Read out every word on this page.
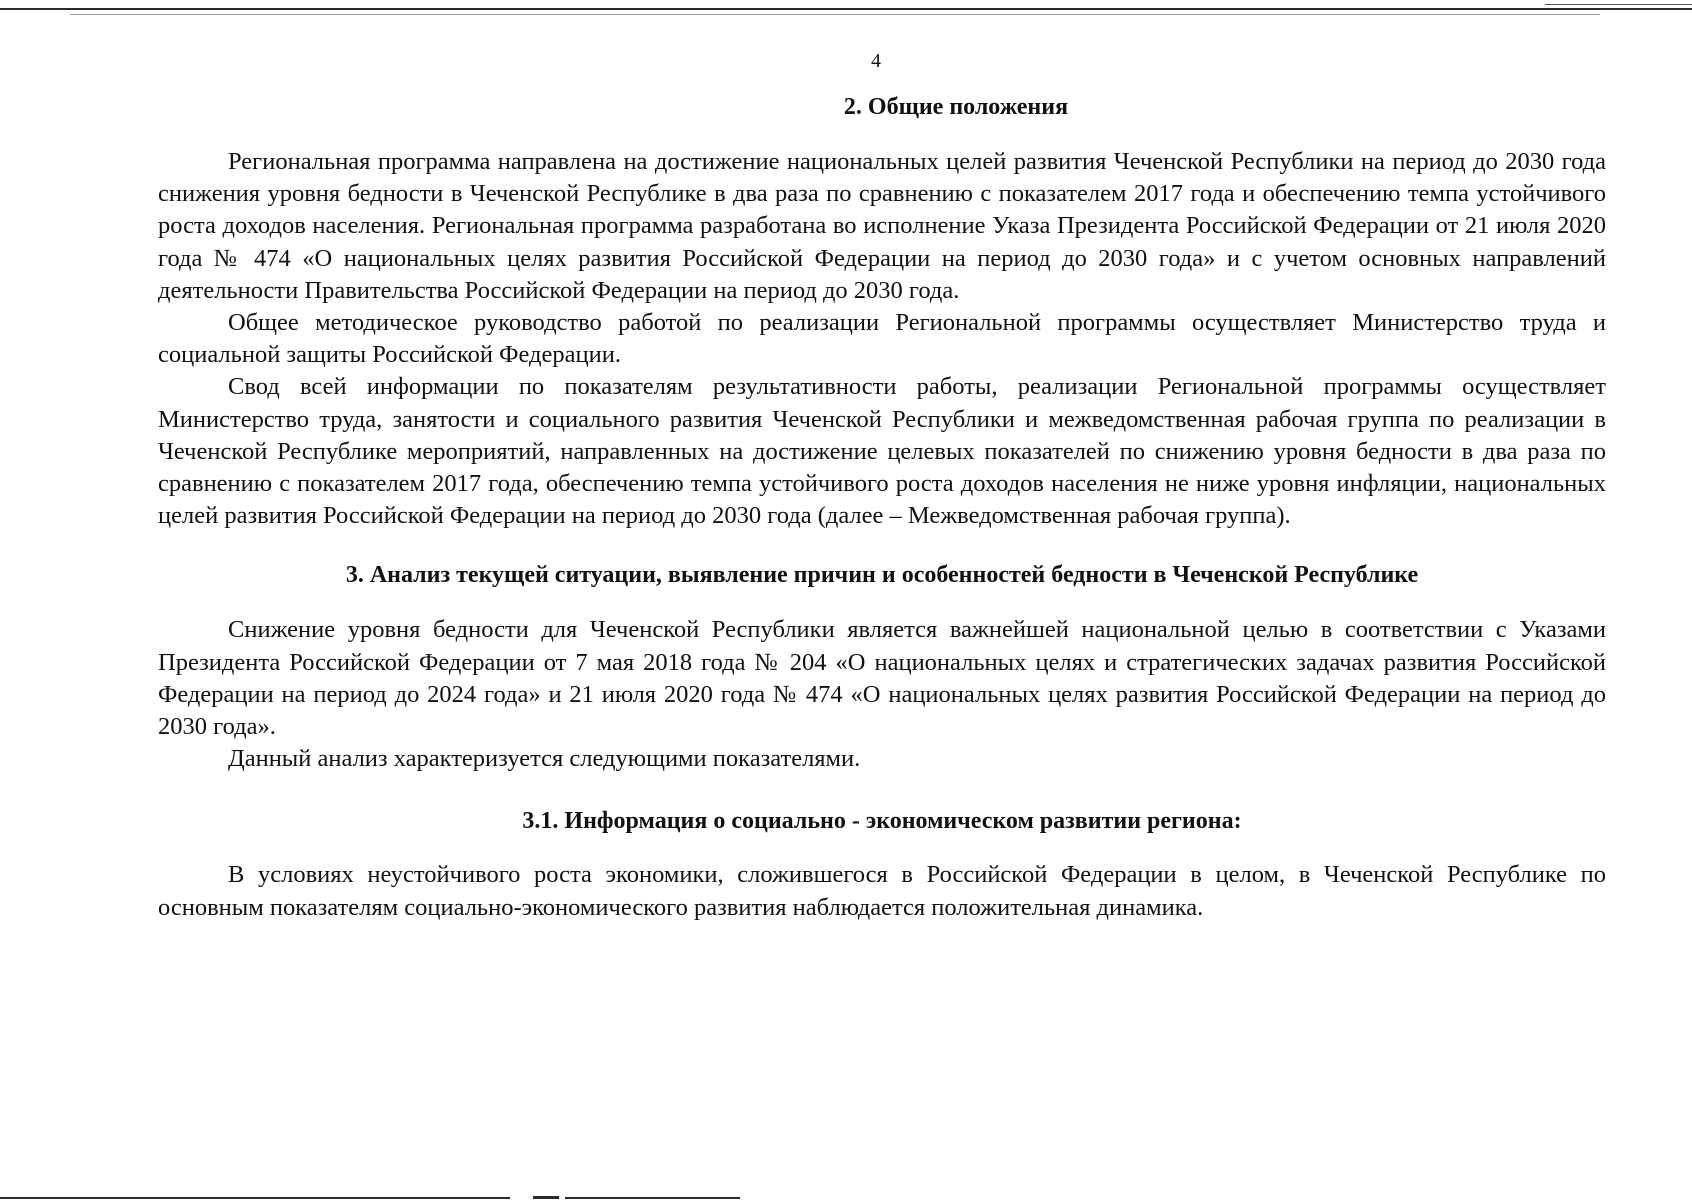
4
2. Общие положения

Региональная программа направлена на достижение национальных целей развития Чеченской Республики на период до 2030 года снижения уровня бедности в Чеченской Республике в два раза по сравнению с показателем 2017 года и обеспечению темпа устойчивого роста доходов населения. Региональная программа разработана во исполнение Указа Президента Российской Федерации от 21 июля 2020 года № 474 «О национальных целях развития Российской Федерации на период до 2030 года» и с учетом основных направлений деятельности Правительства Российской Федерации на период до 2030 года.

Общее методическое руководство работой по реализации Региональной программы осуществляет Министерство труда и социальной защиты Российской Федерации.

Свод всей информации по показателям результативности работы, реализации Региональной программы осуществляет Министерство труда, занятости и социального развития Чеченской Республики и межведомственная рабочая группа по реализации в Чеченской Республике мероприятий, направленных на достижение целевых показателей по снижению уровня бедности в два раза по сравнению с показателем 2017 года, обеспечению темпа устойчивого роста доходов населения не ниже уровня инфляции, национальных целей развития Российской Федерации на период до 2030 года (далее – Межведомственная рабочая группа).

3. Анализ текущей ситуации, выявление причин и особенностей бедности в Чеченской Республике

Снижение уровня бедности для Чеченской Республики является важнейшей национальной целью в соответствии с Указами Президента Российской Федерации от 7 мая 2018 года № 204 «О национальных целях и стратегических задачах развития Российской Федерации на период до 2024 года» и 21 июля 2020 года № 474 «О национальных целях развития Российской Федерации на период до 2030 года».

Данный анализ характеризуется следующими показателями.

3.1. Информация о социально - экономическом развитии региона:

В условиях неустойчивого роста экономики, сложившегося в Российской Федерации в целом, в Чеченской Республике по основным показателям социально-экономического развития наблюдается положительная динамика.
